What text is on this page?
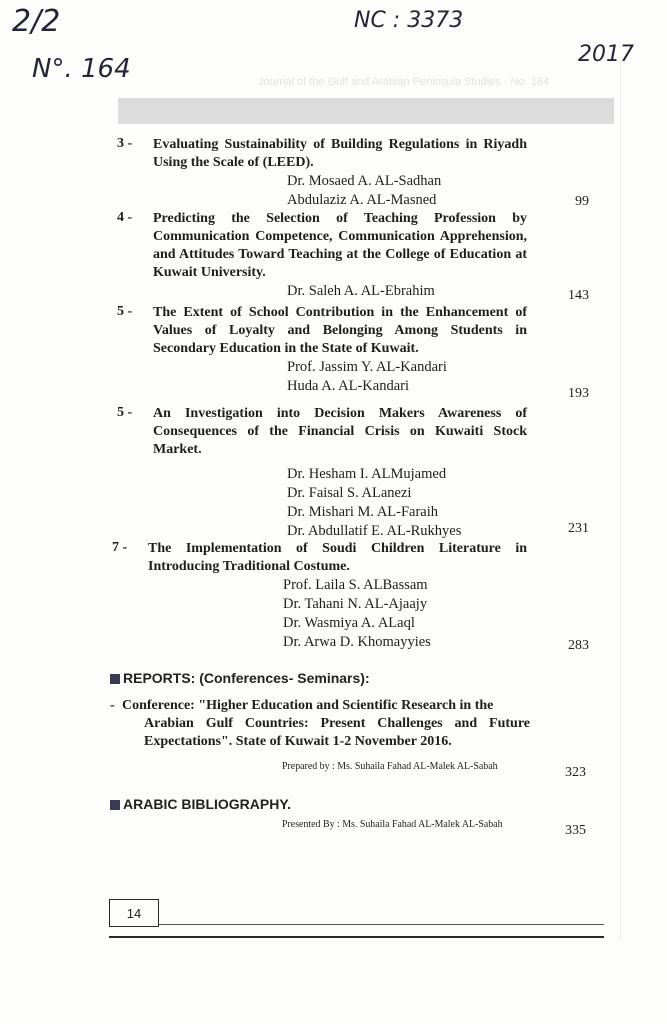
Journal of the Gulf and Arabian Peninsula Studies - No. 164
2/2	NC : 3373
N°. 164	2017
3 - Evaluating Sustainability of Building Regulations in Riyadh Using the Scale of (LEED).
Dr. Mosaed A. AL-Sadhan
Abdulaziz A. AL-Masned	99
4 - Predicting the Selection of Teaching Profession by Communication Competence, Communication Apprehension, and Attitudes Toward Teaching at the College of Education at Kuwait University.
Dr. Saleh A. AL-Ebrahim	143
5 - The Extent of School Contribution in the Enhancement of Values of Loyalty and Belonging Among Students in Secondary Education in the State of Kuwait.
Prof. Jassim Y. AL-Kandari
Huda A. AL-Kandari	193
5 - An Investigation into Decision Makers Awareness of Consequences of the Financial Crisis on Kuwaiti Stock Market.
Dr. Hesham I. ALMujamed
Dr. Faisal S. ALanezi
Dr. Mishari M. AL-Faraih
Dr. Abdullatif E. AL-Rukhyes	231
7 - The Implementation of Soudi Children Literature in Introducing Traditional Costume.
Prof. Laila S. ALBassam
Dr. Tahani N. AL-Ajaajy
Dr. Wasmiya A. ALaql
Dr. Arwa D. Khomayyies	283
REPORTS: (Conferences- Seminars):
- Conference: "Higher Education and Scientific Research in the
Arabian Gulf Countries: Present Challenges and Future Expectations". State of Kuwait 1-2 November 2016.
Prepared by : Ms. Suhaila Fahad AL-Malek AL-Sabah	323
ARABIC BIBLIOGRAPHY.
Presented By : Ms. Suhaila Fahad AL-Malek AL-Sabah	335
14
